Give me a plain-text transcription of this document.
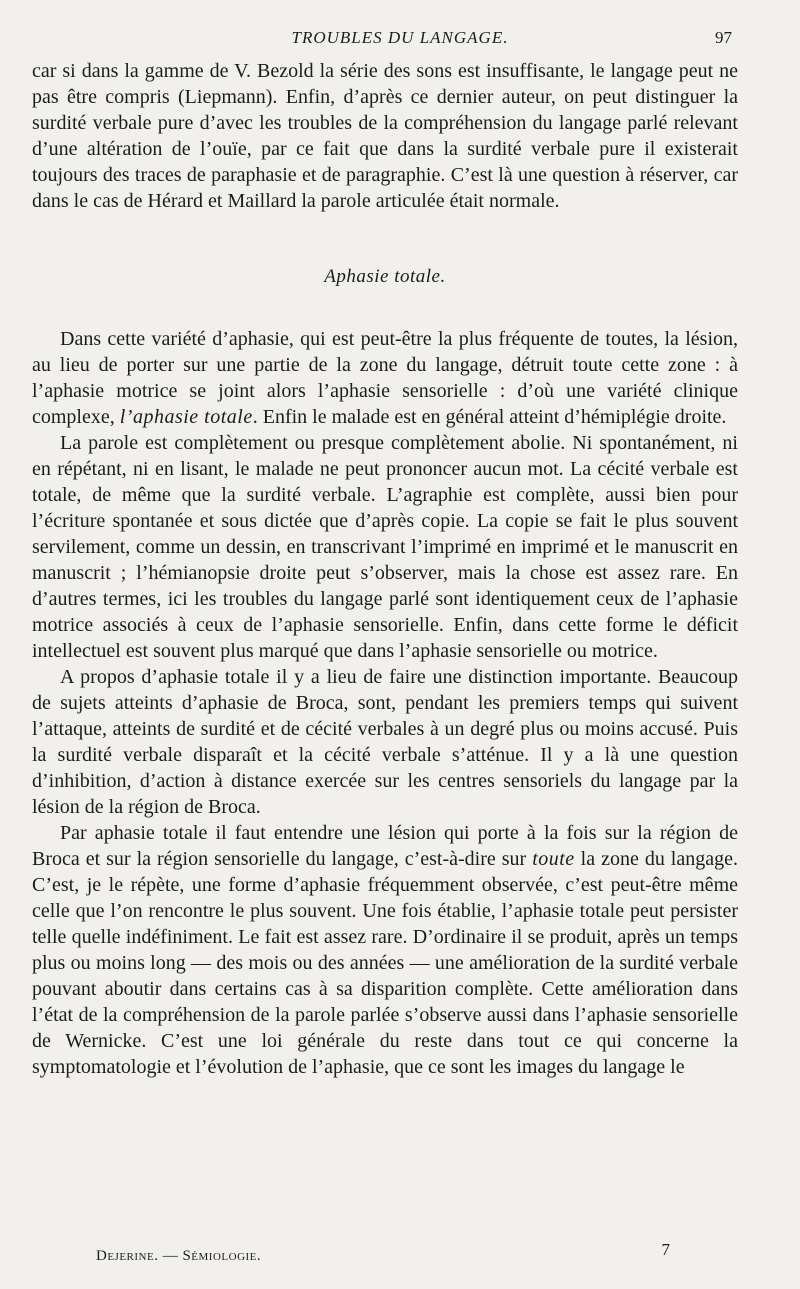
TROUBLES DU LANGAGE.	97

car si dans la gamme de V. Bezold la série des sons est insuffisante, le langage peut ne pas être compris (Liepmann). Enfin, d’après ce dernier auteur, on peut distinguer la surdité verbale pure d’avec les troubles de la compréhension du langage parlé relevant d’une altération de l’ouïe, par ce fait que dans la surdité verbale pure il existerait toujours des traces de paraphasie et de paragraphie. C’est là une question à réserver, car dans le cas de Hérard et Maillard la parole articulée était normale.

Aphasie totale.

Dans cette variété d’aphasie, qui est peut-être la plus fréquente de toutes, la lésion, au lieu de porter sur une partie de la zone du langage, détruit toute cette zone : à l’aphasie motrice se joint alors l’aphasie sensorielle : d’où une variété clinique complexe, l’aphasie totale. Enfin le malade est en général atteint d’hémiplégie droite.

La parole est complètement ou presque complètement abolie. Ni spontanément, ni en répétant, ni en lisant, le malade ne peut prononcer aucun mot. La cécité verbale est totale, de même que la surdité verbale. L’agraphie est complète, aussi bien pour l’écriture spontanée et sous dictée que d’après copie. La copie se fait le plus souvent servilement, comme un dessin, en transcrivant l’imprimé en imprimé et le manuscrit en manuscrit ; l’hémianopsie droite peut s’observer, mais la chose est assez rare. En d’autres termes, ici les troubles du langage parlé sont identiquement ceux de l’aphasie motrice associés à ceux de l’aphasie sensorielle. Enfin, dans cette forme le déficit intellectuel est souvent plus marqué que dans l’aphasie sensorielle ou motrice.

A propos d’aphasie totale il y a lieu de faire une distinction importante. Beaucoup de sujets atteints d’aphasie de Broca, sont, pendant les premiers temps qui suivent l’attaque, atteints de surdité et de cécité verbales à un degré plus ou moins accusé. Puis la surdité verbale disparaît et la cécité verbale s’atténue. Il y a là une question d’inhibition, d’action à distance exercée sur les centres sensoriels du langage par la lésion de la région de Broca.

Par aphasie totale il faut entendre une lésion qui porte à la fois sur la région de Broca et sur la région sensorielle du langage, c’est-à-dire sur toute la zone du langage. C’est, je le répète, une forme d’aphasie fréquemment observée, c’est peut-être même celle que l’on rencontre le plus souvent. Une fois établie, l’aphasie totale peut persister telle quelle indéfiniment. Le fait est assez rare. D’ordinaire il se produit, après un temps plus ou moins long — des mois ou des années — une amélioration de la surdité verbale pouvant aboutir dans certains cas à sa disparition complète. Cette amélioration dans l’état de la compréhension de la parole parlée s’observe aussi dans l’aphasie sensorielle de Wernicke. C’est une loi générale du reste dans tout ce qui concerne la symptomatologie et l’évolution de l’aphasie, que ce sont les images du langage le

Dejerine. — Sémiologie.	7
